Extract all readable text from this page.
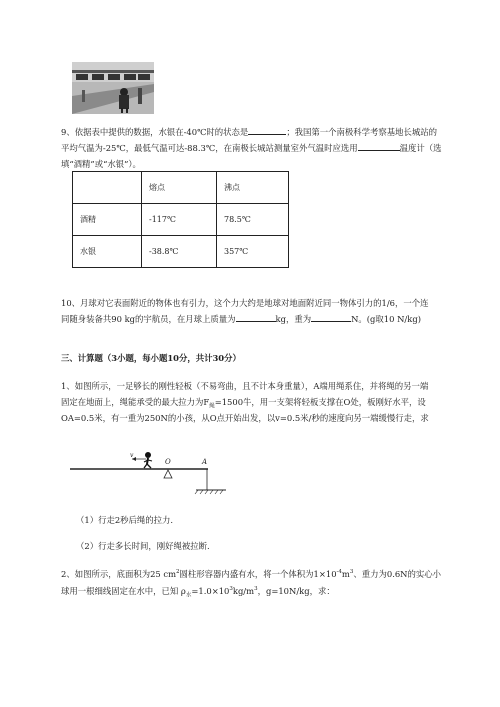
9、依据表中提供的数据，水银在-40℃时的状态是	；我国第一个南极科学考察基地长城站的
平均气温为-25℃，最低气温可达-88.3℃，在南极长城站测量室外气温时应选用	温度计（选
填“酒精”或“水银”）。
	熔点	沸点
酒精	-117℃	78.5℃
水银	-38.8℃	357℃
10、月球对它表面附近的物体也有引力，这个力大约是地球对地面附近同一物体引力的1/6，一个连
同随身装备共90 kg的宇航员，在月球上质量为	kg，重为	N。(g取10 N/kg)
三、计算题（3小题，每小题10分，共计30分）
1、如图所示，一足够长的刚性轻板（不易弯曲，且不计本身重量），A端用绳系住，并将绳的另一端
固定在地面上，绳能承受的最大拉力为$F_绳=1500$牛，用一支架将轻板支撑在O处，板刚好水平，设
OA=0.5米，有一重为250N的小孩，从O点开始出发，以v=0.5米/秒的速度向另一端缓慢行走，求
v
O	A
（1）行走2秒后绳的拉力.
（2）行走多长时间，刚好绳被拉断.
2、如图所示，底面积为25 $cm^2$圆柱形容器内盛有水，将一个体积为$1\times 10^{-4}m^3$、重力为0.6N的实心小
球用一根细线固定在水中，已知 $\rho_水=1.0\times 10^3kg/m^3$，g=10N/kg，求：
